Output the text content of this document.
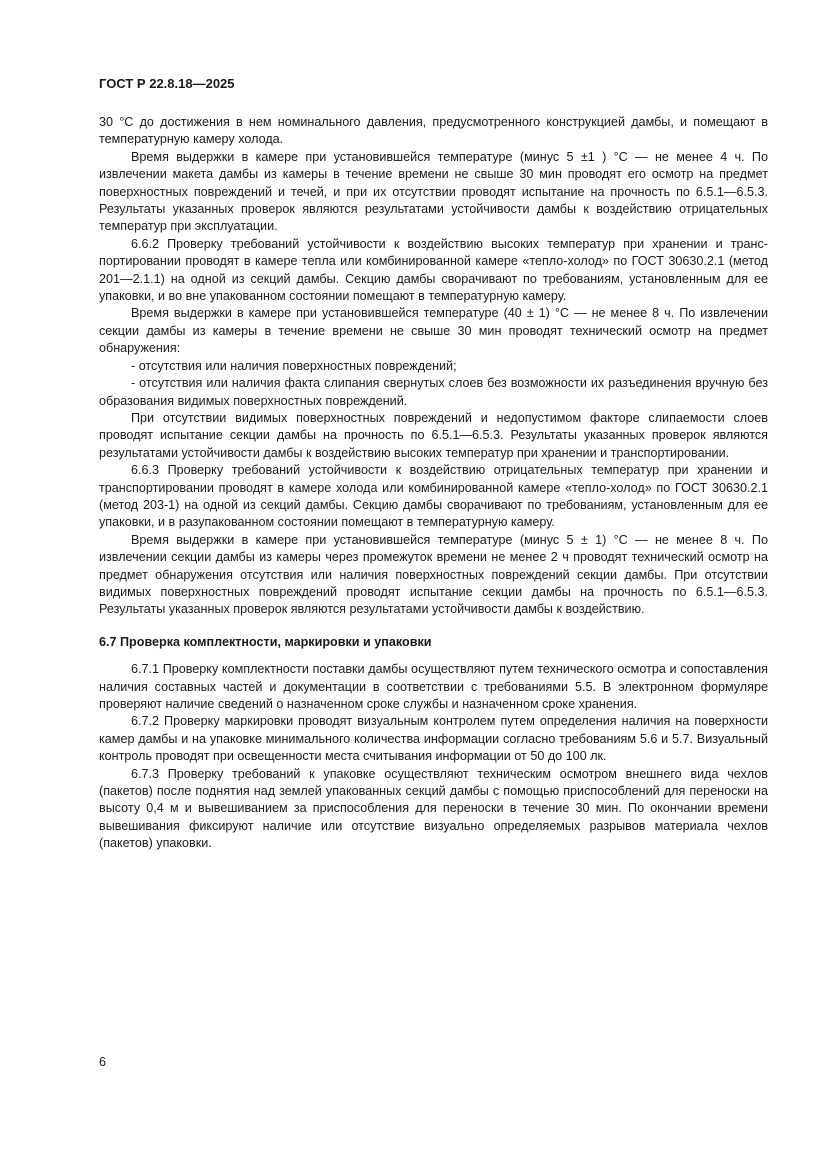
ГОСТ Р 22.8.18—2025

30 °С до достижения в нем номинального давления, предусмотренного конструкцией дамбы, и помещают в температурную камеру холода.

Время выдержки в камере при установившейся температуре (минус 5 ±1 ) °С — не менее 4 ч. По извлечении макета дамбы из камеры в течение времени не свыше 30 мин проводят его осмотр на предмет поверхностных повреждений и течей, и при их отсутствии проводят испытание на прочность по 6.5.1—6.5.3. Результаты указанных проверок являются результатами устойчивости дамбы к воздействию отрицательных температур при эксплуатации.

6.6.2 Проверку требований устойчивости к воздействию высоких температур при хранении и транспортировании проводят в камере тепла или комбинированной камере «тепло-холод» по ГОСТ 30630.2.1 (метод 201—2.1.1) на одной из секций дамбы. Секцию дамбы сворачивают по требованиям, установленным для ее упаковки, и во вне упакованном состоянии помещают в температурную камеру.

Время выдержки в камере при установившейся температуре (40 ± 1) °С — не менее 8 ч. По извлечении секции дамбы из камеры в течение времени не свыше 30 мин проводят технический осмотр на предмет обнаружения:

- отсутствия или наличия поверхностных повреждений;

- отсутствия или наличия факта слипания свернутых слоев без возможности их разъединения вручную без образования видимых поверхностных повреждений.

При отсутствии видимых поверхностных повреждений и недопустимом факторе слипаемости слоев проводят испытание секции дамбы на прочность по 6.5.1—6.5.3. Результаты указанных проверок являются результатами устойчивости дамбы к воздействию высоких температур при хранении и транспортировании.

6.6.3 Проверку требований устойчивости к воздействию отрицательных температур при хранении и транспортировании проводят в камере холода или комбинированной камере «тепло-холод» по ГОСТ 30630.2.1 (метод 203-1) на одной из секций дамбы. Секцию дамбы сворачивают по требованиям, установленным для ее упаковки, и в разупакованном состоянии помещают в температурную камеру.

Время выдержки в камере при установившейся температуре (минус 5 ± 1) °С — не менее 8 ч. По извлечении секции дамбы из камеры через промежуток времени не менее 2 ч проводят технический осмотр на предмет обнаружения отсутствия или наличия поверхностных повреждений секции дамбы. При отсутствии видимых поверхностных повреждений проводят испытание секции дамбы на прочность по 6.5.1—6.5.3. Результаты указанных проверок являются результатами устойчивости дамбы к воздействию.

6.7 Проверка комплектности, маркировки и упаковки

6.7.1 Проверку комплектности поставки дамбы осуществляют путем технического осмотра и сопоставления наличия составных частей и документации в соответствии с требованиями 5.5. В электронном формуляре проверяют наличие сведений о назначенном сроке службы и назначенном сроке хранения.

6.7.2 Проверку маркировки проводят визуальным контролем путем определения наличия на поверхности камер дамбы и на упаковке минимального количества информации согласно требованиям 5.6 и 5.7. Визуальный контроль проводят при освещенности места считывания информации от 50 до 100 лк.

6.7.3 Проверку требований к упаковке осуществляют техническим осмотром внешнего вида чехлов (пакетов) после поднятия над землей упакованных секций дамбы с помощью приспособлений для переноски на высоту 0,4 м и вывешиванием за приспособления для переноски в течение 30 мин. По окончании времени вывешивания фиксируют наличие или отсутствие визуально определяемых разрывов материала чехлов (пакетов) упаковки.

6
